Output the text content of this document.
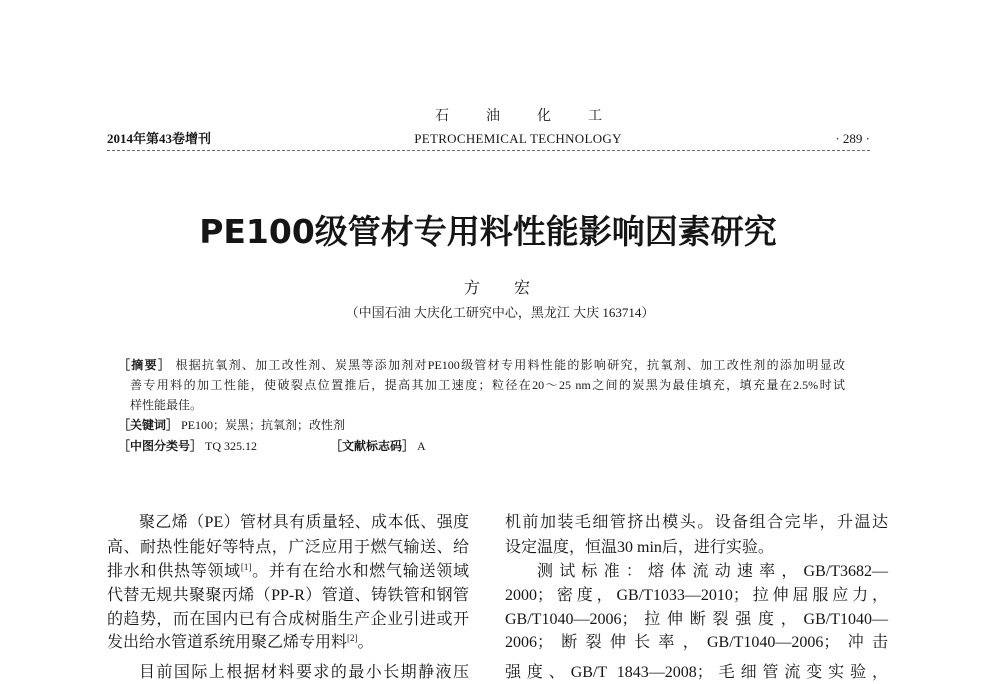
石油化工
2014年第43卷增刊	PETROCHEMICAL TECHNOLOGY	· 289 ·
PE100级管材专用料性能影响因素研究
方宏
（中国石油 大庆化工研究中心，黑龙江 大庆 163714）
［摘要］ 根据抗氧剂、加工改性剂、炭黑等添加剂对PE100级管材专用料性能的影响研究，抗氧剂、加工改性剂的添加明显改
善专用料的加工性能，使破裂点位置推后，提高其加工速度；粒径在20～25 nm之间的炭黑为最佳填充，填充量在2.5%时试
样性能最佳。
［关键词］ PE100；炭黑；抗氧剂；改性剂
［中图分类号］ TQ 325.12	［文献标志码］ A
聚乙烯（PE）管材具有质量轻、成本低、强度
高、耐热性能好等特点，广泛应用于燃气输送、给
排水和供热等领域[1]。并有在给水和燃气输送领域
代替无规共聚聚丙烯（PP-R）管道、铸铁管和钢管
的趋势，而在国内已有合成树脂生产企业引进或开
发出给水管道系统用聚乙烯专用料[2]。
目前国际上根据材料要求的最小长期静液压
机前加装毛细管挤出模头。设备组合完毕，升温达
设定温度，恒温30 min后，进行实验。
测试标准：熔体流动速率，GB/T3682—
2000；密度，GB/T1033—2010；拉伸屈服应力，
GB/T1040—2006；拉伸断裂强度，GB/T1040—
2006；断裂伸长率，GB/T1040—2006；冲击
强度、GB/T 1843—2008；毛细管流变实验，
